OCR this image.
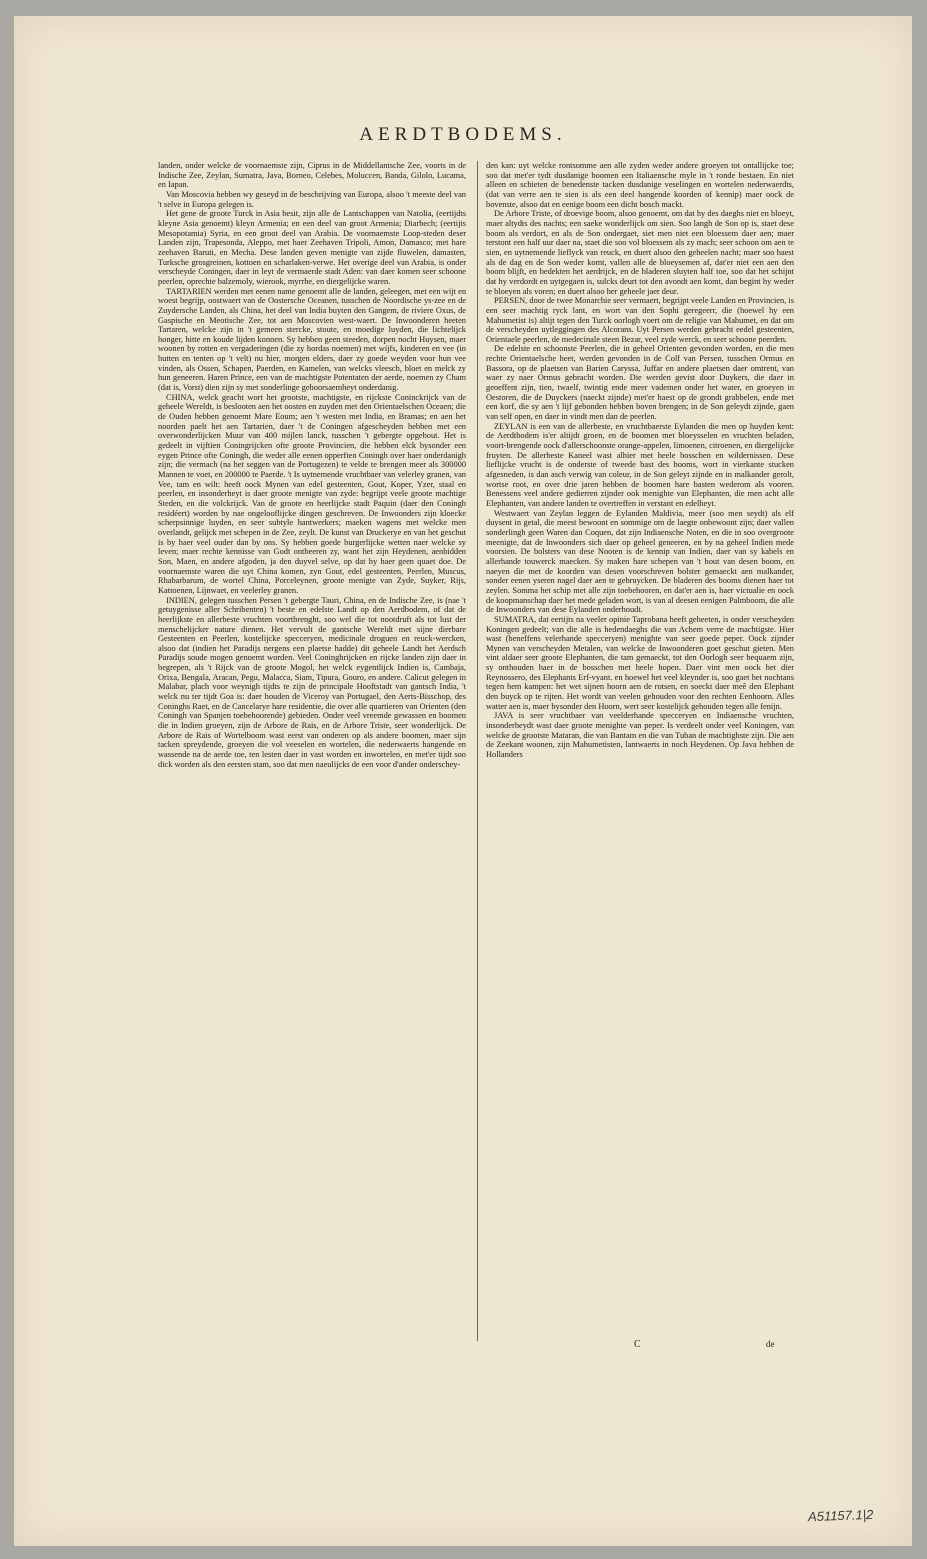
AERDTBODEMS.

landen, onder welcke de voornaemste zijn, Ciprus in de Middellantsche Zee, voorts in de Indische Zee, Zeylan, Sumatra, Java, Borneo, Celebes, Moluccen, Banda, Gilolo, Lucama, en Iapan.

Van Moscovia hebben wy geseyd in de beschrijving van Europa, alsoo 't meeste deel van 't selve in Europa gelegen is.

Het gene de groote Turck in Asia besit, zijn alle de Lantschappen van Natolia, (eertijdts kleyne Asia genoemt) kleyn Armenia; en een deel van groot Armenia; Diarbech; (eertijts Mesopotamia) Syria, en een groot deel van Arabia. De voornaemste Loop-steden deser Landen zijn, Trapesonda, Aleppo, met haer Zeehaven Tripoli, Amon, Damasco; met hare zeehaven Baruti, en Mecha. Dese landen geven menigte van zijde fluwelen, damasten, Turksche grosgreinen, kottoen en scharlaken-verwe. Het overige deel van Arabia, is onder verscheyde Coningen, daer in leyt de vermaerde stadt Aden: van daer komen seer schoone peerlen, oprechte balzemoly, wierook, myrrhe, en diergelijcke waren.

TARTARIEN werden met eenen name genoemt alle de landen, geleegen, met een wijt en woest begrijp, oostwaert van de Oostersche Oceanen, tusschen de Noordische ys-zee en de Zuydersche Landen, als China, het deel van India buyten den Gangem, de riviere Oxus, de Gaspische en Meotische Zee, tot aen Moscovien west-waert. De Inwoonderen heeten Tartaren, welcke zijn in 't gemeen stercke, stoute, en moedige luyden, die lichtelijck honger, hitte en koude lijden konnen. Sy hebben geen steeden, dorpen nocht Huysen, maer woonen by rotten en vergaderingen (die zy hordas noemen) met wijfs, kinderen en vee (in hutten en tenten op 't velt) nu hier, morgen elders, daer zy goede weyden voor hun vee vinden, als Ossen, Schapen, Paerden, en Kamelen, van welcks vleesch, bloet en melck zy hun geneeren. Haren Prince, een van de machtigste Potentaten der aerde, noemen zy Cham (dat is, Vorst) dien zijn sy met sonderlinge gehoorsaemheyt onderdanig.

CHINA, welck geacht wort het grootste, machtigste, en rijckste Coninckrijck van de geheele Wereldt, is beslooten aen het oosten en zuyden met den Orientaelschen Oceaen; die de Ouden hebben genoemt Mare Eoum; aen 't westen met India, en Bramas; en aen het noorden paelt het aen Tartarien, daer 't de Coningen afgescheyden hebben met een overwonderlijcken Muur van 400 mijlen lanck, tusschen 't gebergte opgebout. Het is gedeelt in vijftien Coningrijcken ofte groote Provincien, die hebben elck bysonder een eygen Prince ofte Coningh, die weder alle eenen opperften Coningh over haer onderdanigh zijn; die vermach (na het seggen van de Portugezen) te velde te brengen meer als 300000 Mannen te voet, en 200000 te Paerde. 't Is uytnemende vruchtbaer van velerley granen, van Vee, tam en wilt: heeft oock Mynen van edel gesteenten, Gout, Koper, Yzer, staal en peerlen, en insonderheyt is daer groote menigte van zyde: begrijpt veele groote machtige Steden, en die volckrijck. Van de groote en heerlijcke stadt Paquin (daer den Coningh residéert) worden by nae ongelooflijcke dingen geschreven. De Inwoonders zijn kloecke scherpsinnige luyden, en seer subtyle hantwerkers; maeken wagens met welcke men overlandt, gelijck met schepen in de Zee, zeylt. De kunst van Druckerye en van het geschut is by haer veel ouder dan by ons. Sy hebben goede burgerlijcke wetten naer welcke sy leven; maer rechte kennisse van Godt ontbeeren zy, want het zijn Heydenen, aenbidden Son, Maen, en andere afgoden, ja den duyvel selve, op dat hy haer geen quaet doe. De voornaemste waren die uyt China komen, zyn Gout, edel gesteenten, Peerlen, Muscus, Rhabarbarum, de wortel China, Porceleynen, groote menigte van Zyde, Suyker, Rijs, Kattoenen, Lijnwaet, en veelerley granen.

INDIEN, gelegen tusschen Persen 't gebergte Tauri, China, en de Indische Zee, is (nae 't getuygenisse aller Schribenten) 't beste en edelste Landt op den Aerdbodem, of dat de heerlijkste en allerbeste vruchten voortbrenght, soo wel die tot nootdruft als tot lust der menschelijcker nature dienen. Het vervult de gantsche Wereldt met sijne dierbare Gesteenten en Peerlen, kostelijcke specceryen, medicinale droguen en reuck-wercken, alsoo dat (indien het Paradijs nergens een plaetse hadde) dit geheele Landt het Aerdsch Paradijs soude mogen genoemt worden. Veel Coninghrijcken en rijcke landen zijn daer in begrepen, als 't Rijck van de groote Mogol, het welck eygentlijck Indien is, Cambaja, Orixa, Bengala, Aracan, Pegu, Malacca, Siam, Tipura, Gouro, en andere. Calicut gelegen in Malabar, plach voor weynigh tijdts te zijn de principale Hooftstadt van gantsch India, 't welck nu ter tijdt Goa is: daer houden de Viceroy van Portugael, den Aerts-Bisschop, des Coninghs Raet, en de Cancelarye hare residentie, die over alle quartieren van Orienten (den Coningh van Spanjen toebehoorende) gebieden. Onder veel vreemde gewassen en boomen die in Indien groeyen, zijn de Arbore de Rais, en de Arbore Triste, seer wonderlijck. De Arbore de Rais of Wortelboom wast eerst van onderen op als andere boomen, maer sijn tacken spreydende, groeyen die vol veeselen en wortelen, die nederwaerts hangende en wassende na de aerde toe, ten lesten daer in vast worden en inwortelen, en met'er tijdt soo dick worden als den eersten stam, soo dat men naeulijcks de een voor d'ander onderschey-

den kan: uyt welcke rontsomme aen alle zyden weder andere groeyen tot ontallijcke toe; soo dat met'er tydt dusdanige boomen een Italiaensche myle in 't ronde bestaen. En niet alleen en schieten de benedenste tacken dusdanige veselingen en wortelen nederwaerdts, (dat van verre aen te sien is als een deel hangende koorden of kennip) maer oock de bovenste, alsoo dat en eenige boom een dicht bosch mackt.

De Arbore Triste, of droevige boom, alsoo genoemt, om dat hy des daeghs niet en bloeyt, maer altydts des nachts; een saeke wonderlijck om sien. Soo langh de Son op is, staet dese boom als verdort, en als de Son ondergaet, siet men niet een bloessem daer aen; maer terstont een half uur daer na, staet die soo vol bloessem als zy mach; seer schoon om aen te sien, en uytnemende lieflyck van reuck, en duert alsoo den geheelen nacht; maer soo haest als de dag en de Son weder komt, vallen alle de bloeysemen af, dat'er niet een aen den boom blijft, en bedekten het aerdrijck, en de bladeren sluyten half toe, soo dat het schijnt dat hy verdordt en uytgegaen is, sulcks deurt tot den avondt aen komt, dan begint hy weder te bloeyen als voren; en duert alsoo her geheele jaer deur.

PERSEN, door de twee Monarchie seer vermaert, begrijpt veele Landen en Provincien, is een seer machtig ryck lant, en wort van den Sophi geregeerr, die (hoewel hy een Mahumetist is) altijt tegen den Turck oorlogh voert om de religie van Mahumet, en dat om de verscheyden uytleggingen des Alcorans. Uyt Persen werden gebracht eedel gesteenten, Orientaele peerlen, de medecinale steen Bezar, veel zyde werck, en seer schoone peerden.

De edelste en schoonste Peerlen, die in geheel Orienten gevonden worden, en die men rechte Orientaelsche heet, werden gevonden in de Colf van Persen, tusschen Ormus en Bassora, op de plaetsen van Barien Caryssa, Juffar en andere plaetsen daer omtrent, van waer zy naer Ormus gebracht worden. Die werden gevist door Duykers, die daer in geoeffent zijn, tien, twaelf, twintig ende meer vademen onder het water, en groeyen in Oestoren, die de Duyckers (naeckt zijnde) met'er haest op de grondt grabbelen, ende met een korf, die sy aen 't lijf gebonden hebben boven brengen; in de Son geleydt zijnde, gaen van self open, en daer in vindt men dan de peerlen.

ZEYLAN is een van de allerbeste, en vruchtbaerste Eylanden die men op huyden kent: de Aerdtbodem is'er altijdt groen, en de boomen met bloeysselen en vruchten beladen, voort-brengende oock d'allerschoonste orange-appelen, limoenen, citroenen, en diergelijcke fruyten. De allerbeste Kaneel wast alhier met heele bosschen en wildernissen. Dese lieflijcke vrucht is de onderste of tweede bast des booms, wort in vierkante stucken afgesneden, is dan asch verwig van coleur, in de Son geleyt zijnde en in malkander gerolt, wortse root, en over drie jaren hebben de boomen hare basten wederom als vooren. Benessens veel andere gedierren zijnder ook menighte van Elephanten, die men acht alle Elephanten, van andere landen te overtreffen in verstant en edelheyt.

Westwaert van Zeylan leggen de Eylanden Maldivia, meer (soo men seydt) als elf duysent in getal, die meest bewoont en sommige om de laegte onbewoont zijn; daer vallen sonderlingh geen Waren dan Coquen, dat zijn Indiaensche Noten, en die in soo overgroote meenigte, dat de Inwoonders sich daer op geheel geneeren, en by na geheel Indien mede voorsien. De bolsters van dese Nooten is de kennip van Indien, daer van sy kabels en allerhande touwerck maecken. Sy maken hare schepen van 't hout van desen boom, en naeyen die met de koorden van desen voorschreven bolster gemaeckt aen malkander, sonder eenen yseren nagel daer aen te gebruycken. De bladeren des booms dienen haer tot zeylen. Somma het schip met alle zijn toebehooren, en dat'er aen is, haer victualie en oock de koopmanschap daer het mede geladen wort, is van al deesen eenigen Palmboom, die alle de Inwoonders van dese Eylanden onderhoudt.

SUMATRA, dat eertijts na veeler opinie Taprobana heeft geheeten, is onder verscheyden Koningen gedeelt; van die alle is hedendaeghs die van Achem verre de machtigste. Hier wast (beneffens velerhande specceryen) menighte van seer goede peper. Oock zijnder Mynen van verscheyden Metalen, van welcke de Inwoonderen goet geschut gieten. Men vint aldaer seer groote Elephanten, die tam gemaeckt, tot den Oorlogh seer bequaem zijn, sy onthouden haer in de bosschen met heele hopen. Daer vint men oock het dier Reynossero, des Elephants Erf-vyant. en hoewel het veel kleynder is, soo gaet het nochtans tegen hem kampen: het wet sijnen hoorn aen de rotsen, en soeckt daer meê den Elephant den buyck op te rijten. Het wordt van veelen gehouden voor den rechten Eenhoorn. Alles watter aen is, maer bysonder den Hoorn, wert seer kostelijck gehouden tegen alle fenijn.

JAVA is seer vruchtbaer van veelderhande specceryen en Indiaensche vruchten, insonderheydt wast daer groote menighte van peper. Is verdeelt onder veel Koningen, van welcke de grootste Mataran, die van Bantam en die van Tuban de machtighste zijn. Die aen de Zeekant woonen, zijn Mahumetisten, lantwaerts in noch Heydenen. Op Java hebben de Hollanders

C	de
A51157.1|2
